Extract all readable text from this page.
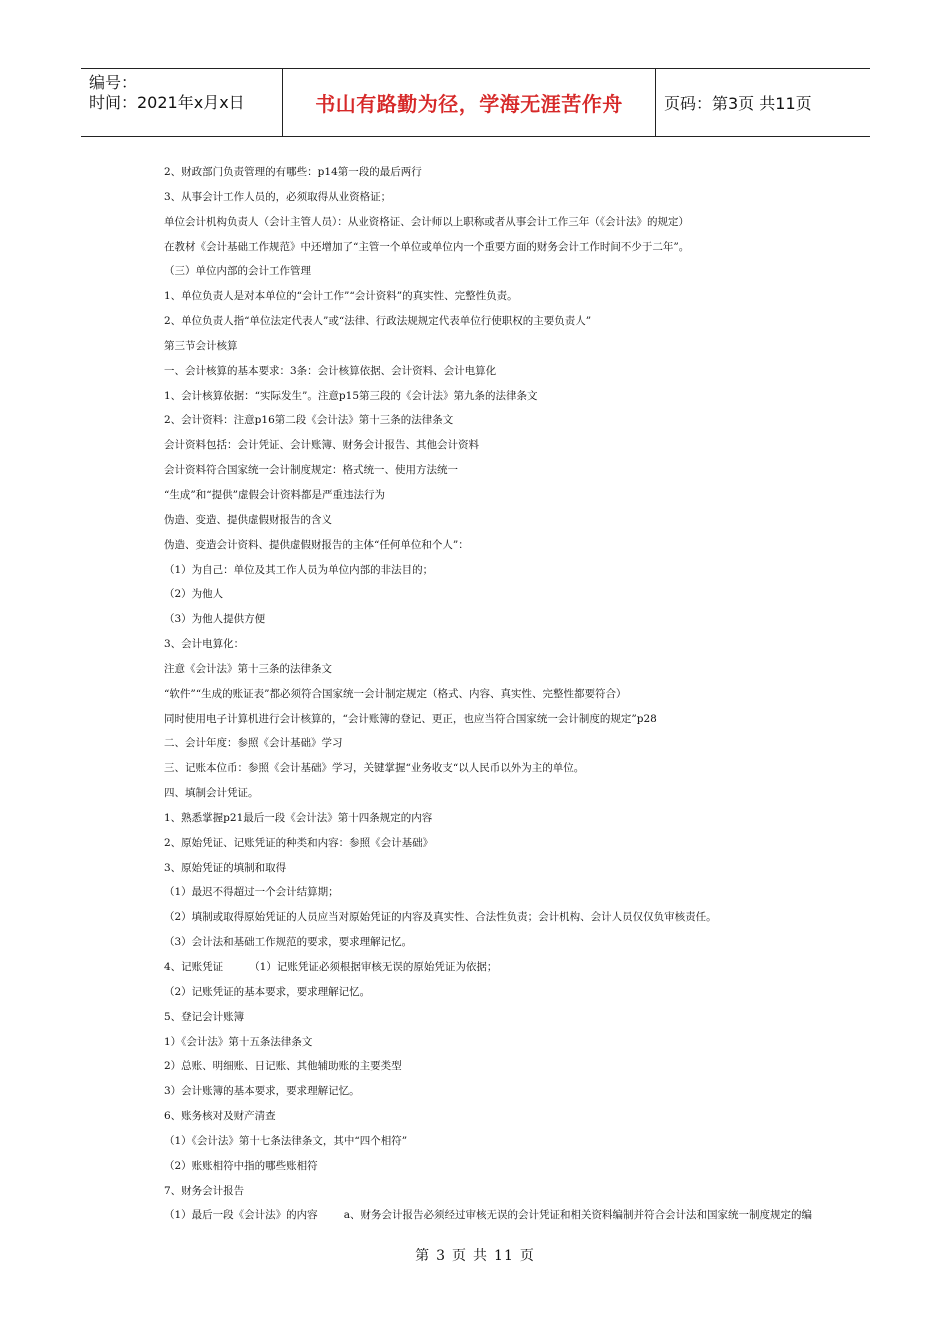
编号：
时间：2021年x月x日	书山有路勤为径，学海无涯苦作舟	页码：第3页 共11页
2、财政部门负责管理的有哪些：p14第一段的最后两行
3、从事会计工作人员的，必须取得从业资格证；
单位会计机构负责人（会计主管人员）：从业资格证、会计师以上职称或者从事会计工作三年（《会计法》的规定）
在教材《会计基础工作规范》中还增加了“主管一个单位或单位内一个重要方面的财务会计工作时间不少于二年”。
（三）单位内部的会计工作管理
1、单位负责人是对本单位的“会计工作”“会计资料”的真实性、完整性负责。
2、单位负责人指“单位法定代表人”或“法律、行政法规规定代表单位行使职权的主要负责人”
第三节会计核算
一、会计核算的基本要求：3条：会计核算依据、会计资料、会计电算化
1、会计核算依据：“实际发生”。注意p15第三段的《会计法》第九条的法律条文
2、会计资料：注意p16第二段《会计法》第十三条的法律条文
会计资料包括：会计凭证、会计账簿、财务会计报告、其他会计资料
会计资料符合国家统一会计制度规定：格式统一、使用方法统一
“生成”和“提供”虚假会计资料都是严重违法行为
伪造、变造、提供虚假财报告的含义
伪造、变造会计资料、提供虚假财报告的主体“任何单位和个人”：
（1）为自己：单位及其工作人员为单位内部的非法目的；
（2）为他人
（3）为他人提供方便
3、会计电算化：
注意《会计法》第十三条的法律条文
“软件”“生成的账证表”都必须符合国家统一会计制定规定（格式、内容、真实性、完整性都要符合）
同时使用电子计算机进行会计核算的，“会计账簿的登记、更正，也应当符合国家统一会计制度的规定”p28
二、会计年度：参照《会计基础》学习
三、记账本位币：参照《会计基础》学习，关键掌握“业务收支“以人民币以外为主的单位。
四、填制会计凭证。
1、熟悉掌握p21最后一段《会计法》第十四条规定的内容
2、原始凭证、记账凭证的种类和内容：参照《会计基础》
3、原始凭证的填制和取得
（1）最迟不得超过一个会计结算期；
（2）填制或取得原始凭证的人员应当对原始凭证的内容及真实性、合法性负责；会计机构、会计人员仅仅负审核责任。
（3）会计法和基础工作规范的要求，要求理解记忆。
4、记账凭证 （1）记账凭证必须根据审核无误的原始凭证为依据；
（2）记账凭证的基本要求，要求理解记忆。
5、登记会计账簿
1）《会计法》第十五条法律条文
2）总账、明细账、日记账、其他辅助账的主要类型
3）会计账簿的基本要求，要求理解记忆。
6、账务核对及财产清查
（1）《会计法》第十七条法律条文，其中“四个相符”
（2）账账相符中指的哪些账相符
7、财务会计报告
（1）最后一段《会计法》的内容 a、财务会计报告必须经过审核无误的会计凭证和相关资料编制并符合会计法和国家统一制度规定的编
第 3 页 共 11 页
